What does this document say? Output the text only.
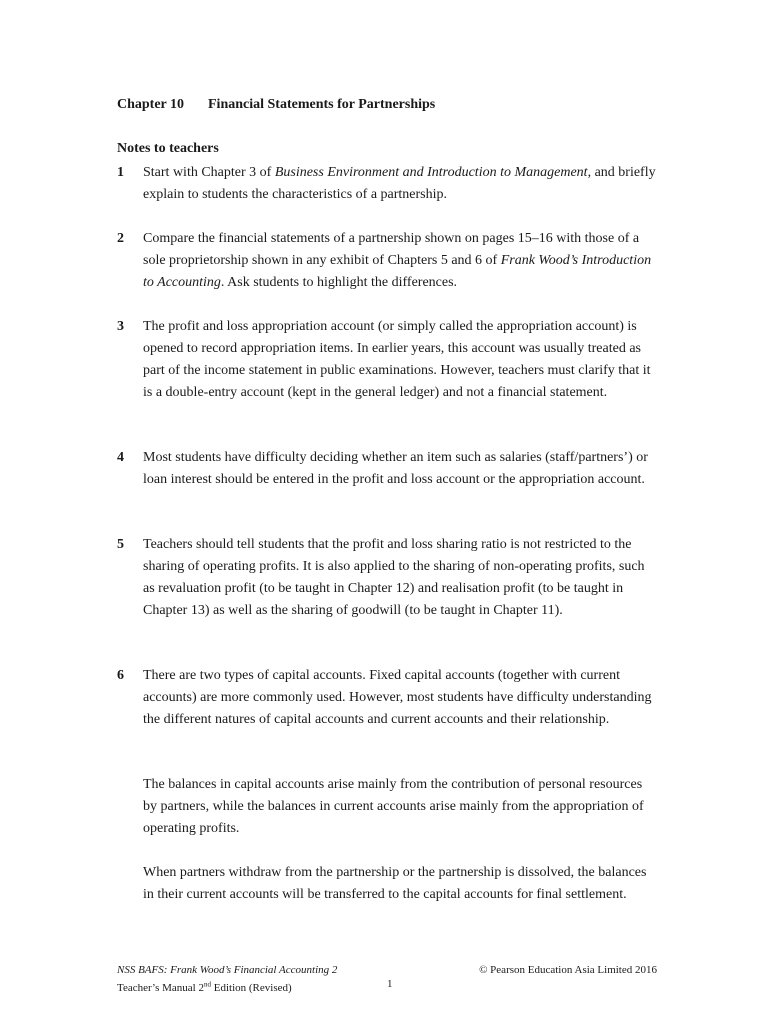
Chapter 10 Financial Statements for Partnerships
Notes to teachers
1 Start with Chapter 3 of Business Environment and Introduction to Management, and briefly explain to students the characteristics of a partnership.
2 Compare the financial statements of a partnership shown on pages 15–16 with those of a sole proprietorship shown in any exhibit of Chapters 5 and 6 of Frank Wood’s Introduction to Accounting. Ask students to highlight the differences.
3 The profit and loss appropriation account (or simply called the appropriation account) is opened to record appropriation items. In earlier years, this account was usually treated as part of the income statement in public examinations. However, teachers must clarify that it is a double-entry account (kept in the general ledger) and not a financial statement.
4 Most students have difficulty deciding whether an item such as salaries (staff/partners’) or loan interest should be entered in the profit and loss account or the appropriation account.
5 Teachers should tell students that the profit and loss sharing ratio is not restricted to the sharing of operating profits. It is also applied to the sharing of non-operating profits, such as revaluation profit (to be taught in Chapter 12) and realisation profit (to be taught in Chapter 13) as well as the sharing of goodwill (to be taught in Chapter 11).
6 There are two types of capital accounts. Fixed capital accounts (together with current accounts) are more commonly used. However, most students have difficulty understanding the different natures of capital accounts and current accounts and their relationship.
The balances in capital accounts arise mainly from the contribution of personal resources by partners, while the balances in current accounts arise mainly from the appropriation of operating profits.
When partners withdraw from the partnership or the partnership is dissolved, the balances in their current accounts will be transferred to the capital accounts for final settlement.
NSS BAFS: Frank Wood’s Financial Accounting 2	© Pearson Education Asia Limited 2016
Teacher’s Manual 2nd Edition (Revised)	1
